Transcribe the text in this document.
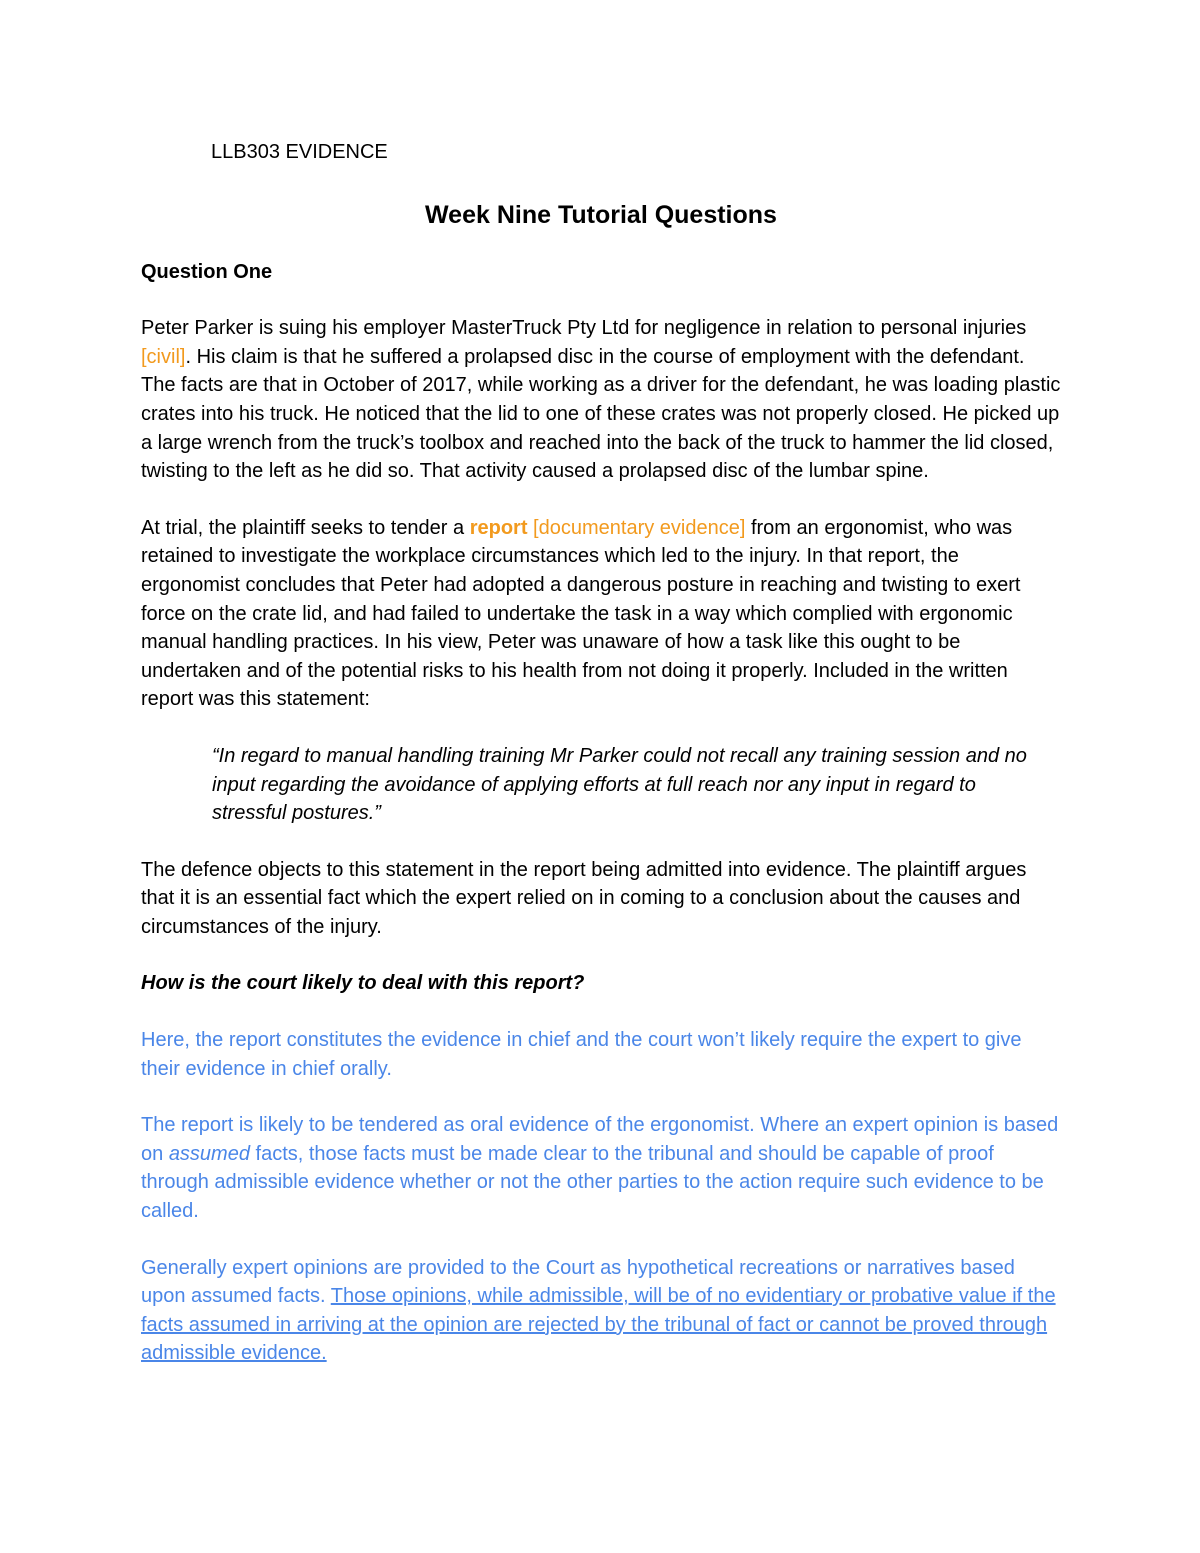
LLB303 EVIDENCE

Week Nine Tutorial Questions

Question One

Peter Parker is suing his employer MasterTruck Pty Ltd for negligence in relation to personal injuries [civil]. His claim is that he suffered a prolapsed disc in the course of employment with the defendant. The facts are that in October of 2017, while working as a driver for the defendant, he was loading plastic crates into his truck. He noticed that the lid to one of these crates was not properly closed. He picked up a large wrench from the truck’s toolbox and reached into the back of the truck to hammer the lid closed, twisting to the left as he did so. That activity caused a prolapsed disc of the lumbar spine.

At trial, the plaintiff seeks to tender a report [documentary evidence] from an ergonomist, who was retained to investigate the workplace circumstances which led to the injury. In that report, the ergonomist concludes that Peter had adopted a dangerous posture in reaching and twisting to exert force on the crate lid, and had failed to undertake the task in a way which complied with ergonomic manual handling practices. In his view, Peter was unaware of how a task like this ought to be undertaken and of the potential risks to his health from not doing it properly. Included in the written report was this statement:

“In regard to manual handling training Mr Parker could not recall any training session and no input regarding the avoidance of applying efforts at full reach nor any input in regard to stressful postures.”

The defence objects to this statement in the report being admitted into evidence. The plaintiff argues that it is an essential fact which the expert relied on in coming to a conclusion about the causes and circumstances of the injury.

How is the court likely to deal with this report?

Here, the report constitutes the evidence in chief and the court won’t likely require the expert to give their evidence in chief orally.

The report is likely to be tendered as oral evidence of the ergonomist. Where an expert opinion is based on assumed facts, those facts must be made clear to the tribunal and should be capable of proof through admissible evidence whether or not the other parties to the action require such evidence to be called.

Generally expert opinions are provided to the Court as hypothetical recreations or narratives based upon assumed facts. Those opinions, while admissible, will be of no evidentiary or probative value if the facts assumed in arriving at the opinion are rejected by the tribunal of fact or cannot be proved through admissible evidence.
